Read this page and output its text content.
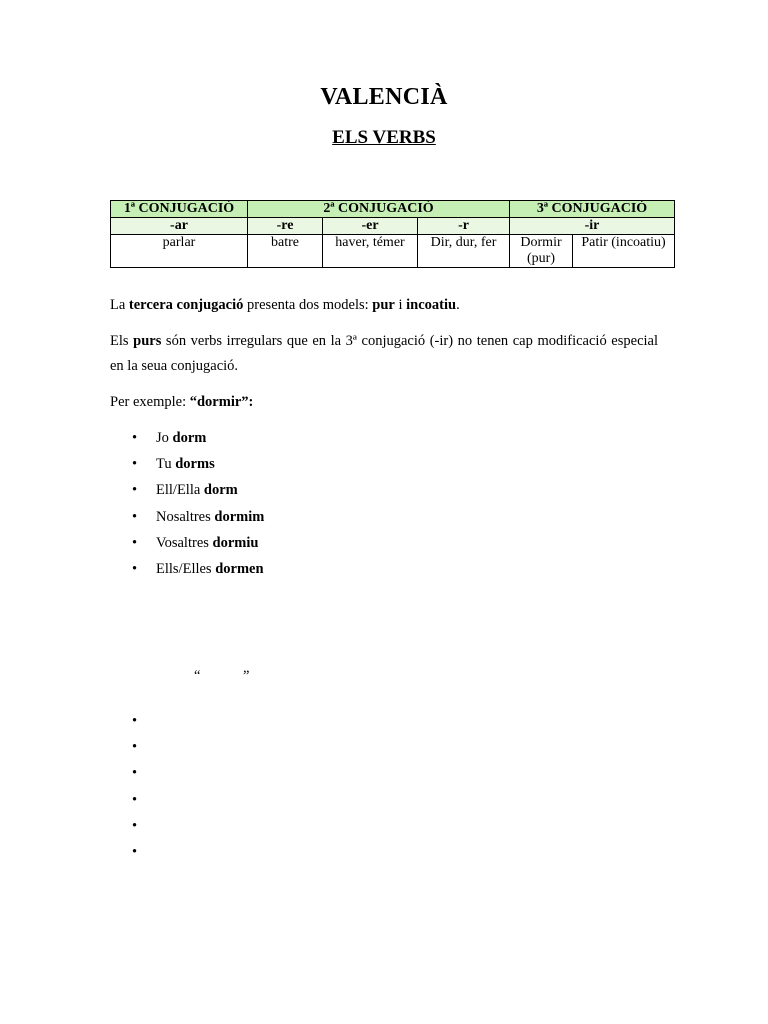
VALENCIÀ
ELS VERBS
1ª CONJUGACIÓ	2ª CONJUGACIÓ			3ª CONJUGACIÓ	
-ar	-re	-er	-r	-ir	
parlar	batre	haver, témer	Dir, dur, fer	Dormir (pur)	Patir (incoatiu)
La tercera conjugació presenta dos models: pur i incoatiu.
Els purs són verbs irregulars que en la 3ª conjugació (-ir) no tenen cap modificació especial en la seua conjugació.
Per exemple: “dormir”:
•	Jo dorm
•	Tu dorms
•	Ell/Ella dorm
•	Nosaltres dormim
•	Vosaltres dormiu
•	Ells/Elles dormen
“	”
•
•
•
•
•
•
